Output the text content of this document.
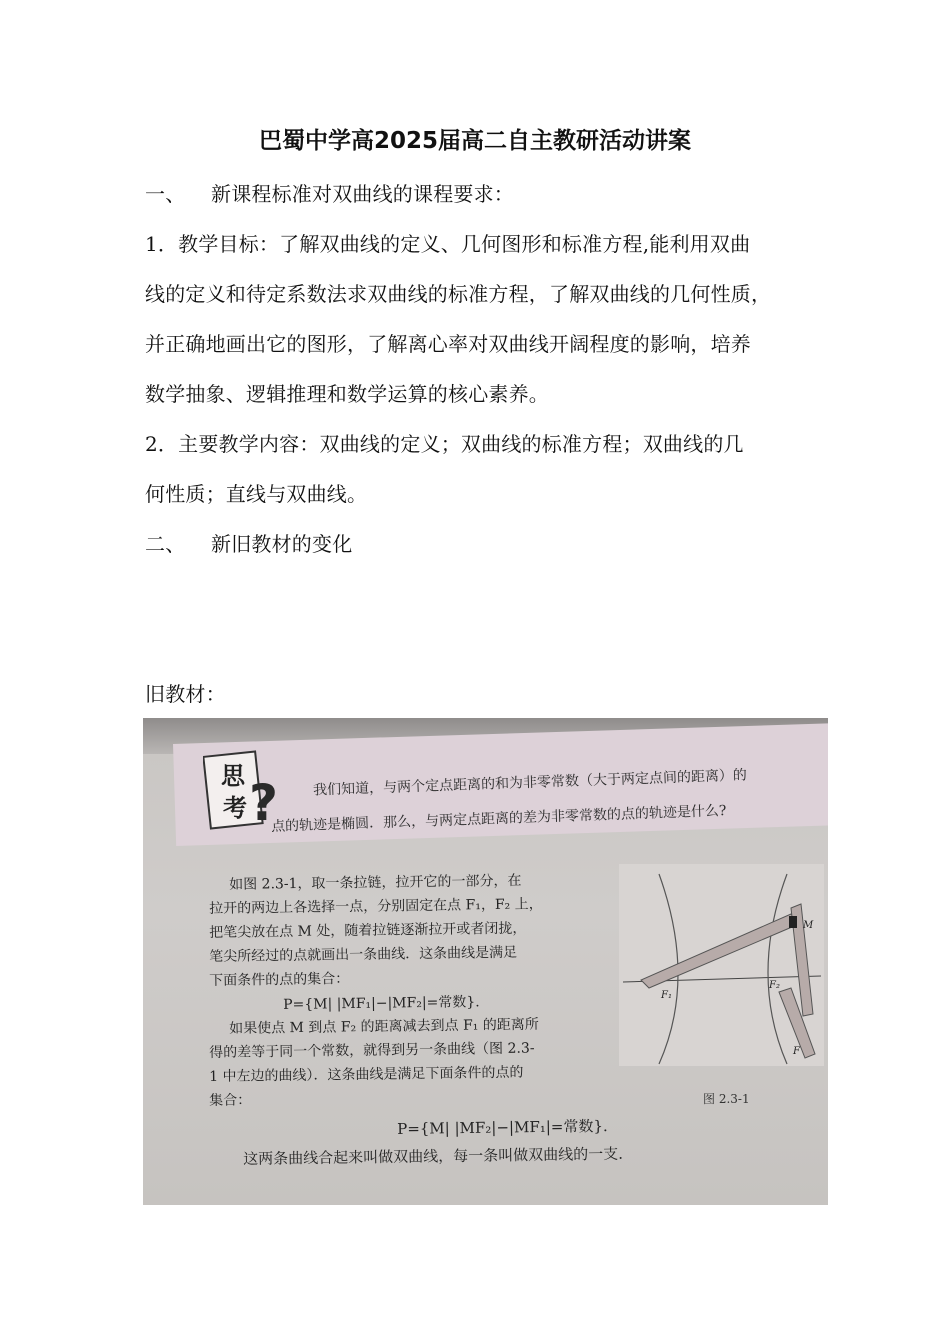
巴蜀中学高2025届高二自主教研活动讲案
一、 新课程标准对双曲线的课程要求：
1．教学目标：了解双曲线的定义、几何图形和标准方程,能利用双曲
线的定义和待定系数法求双曲线的标准方程，了解双曲线的几何性质，
并正确地画出它的图形，了解离心率对双曲线开阔程度的影响，培养
数学抽象、逻辑推理和数学运算的核心素养。
2．主要教学内容：双曲线的定义；双曲线的标准方程；双曲线的几
何性质；直线与双曲线。
二、 新旧教材的变化
旧教材：
思
考 ? 我们知道，与两个定点距离的和为非零常数（大于两定点间的距离）的
点的轨迹是椭圆．那么，与两定点距离的差为非零常数的点的轨迹是什么?
如图 2.3-1，取一条拉链，拉开它的一部分，在
拉开的两边上各选择一点，分别固定在点 F₁，F₂ 上，
把笔尖放在点 M 处，随着拉链逐渐拉开或者闭拢，
笔尖所经过的点就画出一条曲线．这条曲线是满足
下面条件的点的集合：
P={M| |MF₁|−|MF₂|=常数}.
如果使点 M 到点 F₂ 的距离减去到点 F₁ 的距离所
得的差等于同一个常数，就得到另一条曲线（图 2.3-
1 中左边的曲线）．这条曲线是满足下面条件的点的
集合：
P={M| |MF₂|−|MF₁|=常数}.
这两条曲线合起来叫做双曲线，每一条叫做双曲线的一支.
M
F₁
F₂
F
图 2.3-1
